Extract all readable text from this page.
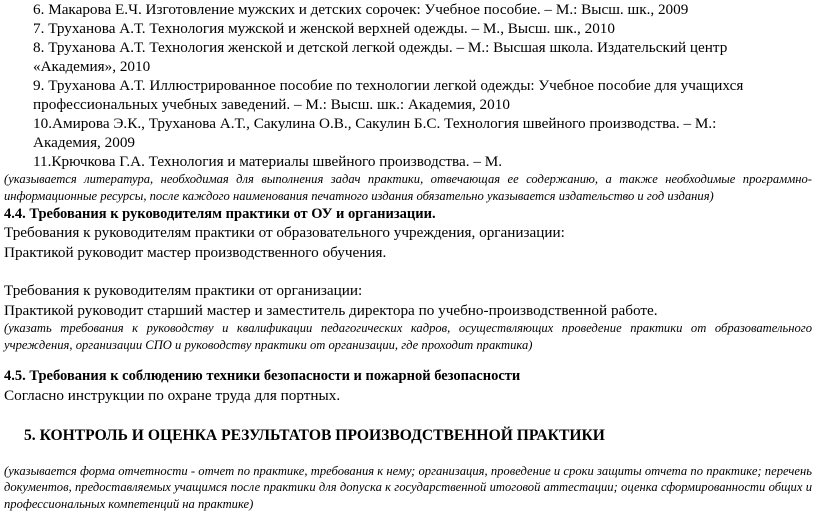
6. Макарова Е.Ч. Изготовление мужских и детских сорочек: Учебное пособие. – М.: Высш. шк., 2009

7. Труханова А.Т. Технология мужской и женской верхней одежды. – М., Высш. шк., 2010

8. Труханова А.Т. Технология женской и детской легкой одежды. – М.: Высшая школа. Издательский центр

«Академия», 2010

9. Труханова А.Т. Иллюстрированное пособие по технологии легкой одежды: Учебное пособие для учащихся

профессиональных учебных заведений. – М.: Высш. шк.: Академия, 2010

10.Амирова Э.К., Труханова А.Т., Сакулина О.В., Сакулин Б.С. Технология швейного производства. – М.:

Академия, 2009

11.Крючкова Г.А. Технология и материалы швейного производства. – М.

(указывается литература, необходимая для выполнения задач практики, отвечающая ее содержанию, а также необходимые программно-информационные ресурсы, после каждого наименования печатного издания обязательно указывается издательство и год издания)

4.4. Требования к руководителям практики от ОУ и организации.

Требования к руководителям практики от образовательного учреждения, организации:

Практикой руководит мастер производственного обучения.

Требования к руководителям практики от организации:

Практикой руководит старший мастер и заместитель директора по учебно-производственной работе.

(указать требования к руководству и квалификации педагогических кадров, осуществляющих проведение практики от образовательного учреждения, организации СПО и руководству практики от организации, где проходит практика)

4.5. Требования к соблюдению техники безопасности и пожарной безопасности

Согласно инструкции по охране труда для портных.

5. КОНТРОЛЬ И ОЦЕНКА РЕЗУЛЬТАТОВ ПРОИЗВОДСТВЕННОЙ ПРАКТИКИ

(указывается форма отчетности - отчет по практике, требования к нему; организация, проведение и сроки защиты отчета по практике; перечень документов, предоставляемых учащимся после практики для допуска к государственной итоговой аттестации; оценка сформированности общих и профессиональных компетенций на практике)
